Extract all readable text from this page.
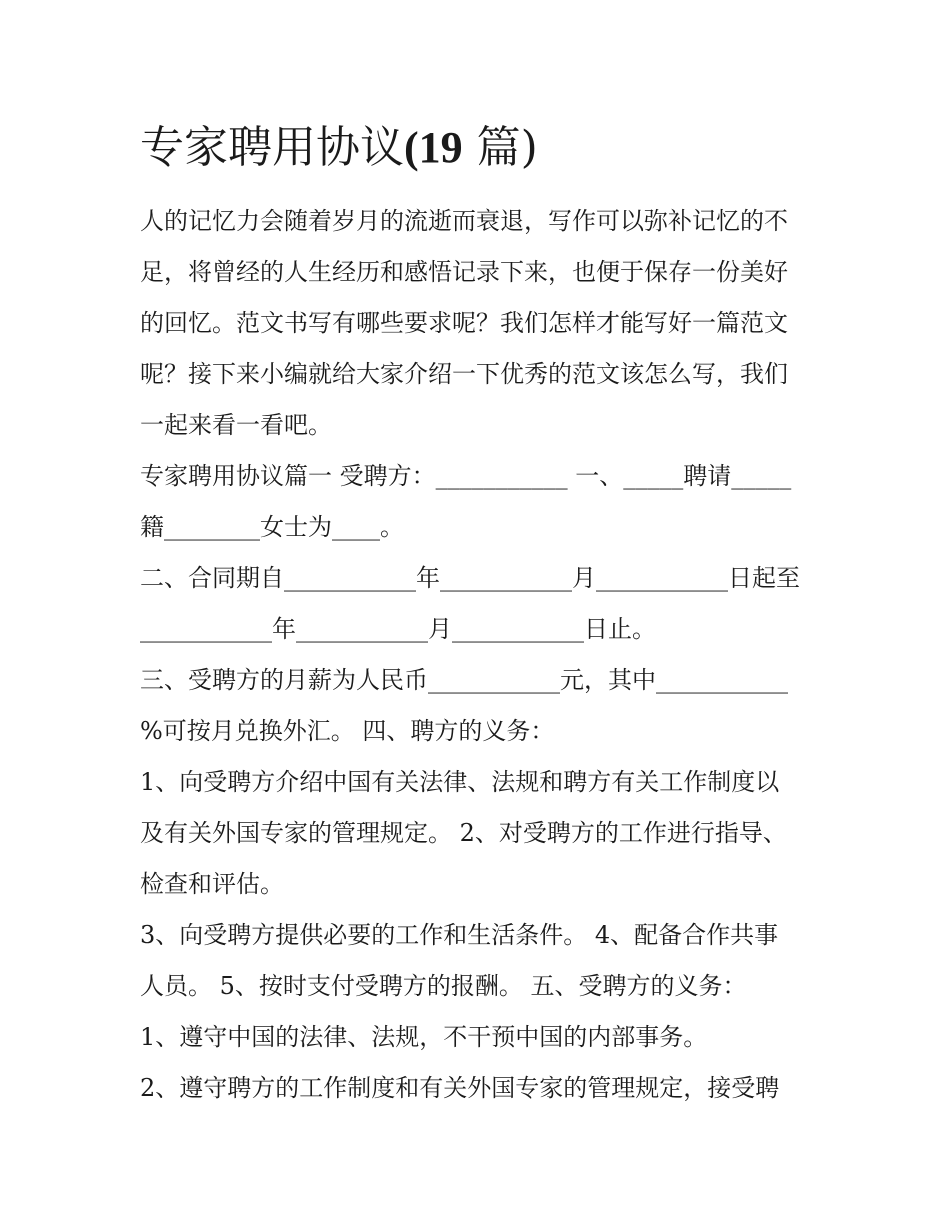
专家聘用协议(19 篇)
人的记忆力会随着岁月的流逝而衰退，写作可以弥补记忆的不
足，将曾经的人生经历和感悟记录下来，也便于保存一份美好
的回忆。范文书写有哪些要求呢？我们怎样才能写好一篇范文
呢？接下来小编就给大家介绍一下优秀的范文该怎么写，我们
一起来看一看吧。
专家聘用协议篇一 受聘方：___________ 一、_____聘请_____
籍________女士为____。
二、合同期自___________年___________月___________日起至
___________年___________月___________日止。
三、受聘方的月薪为人民币___________元，其中___________
%可按月兑换外汇。 四、聘方的义务：
1、向受聘方介绍中国有关法律、法规和聘方有关工作制度以
及有关外国专家的管理规定。 2、对受聘方的工作进行指导、
检查和评估。
3、向受聘方提供必要的工作和生活条件。 4、配备合作共事
人员。 5、按时支付受聘方的报酬。 五、受聘方的义务：
1、遵守中国的法律、法规，不干预中国的内部事务。
2、遵守聘方的工作制度和有关外国专家的管理规定，接受聘
